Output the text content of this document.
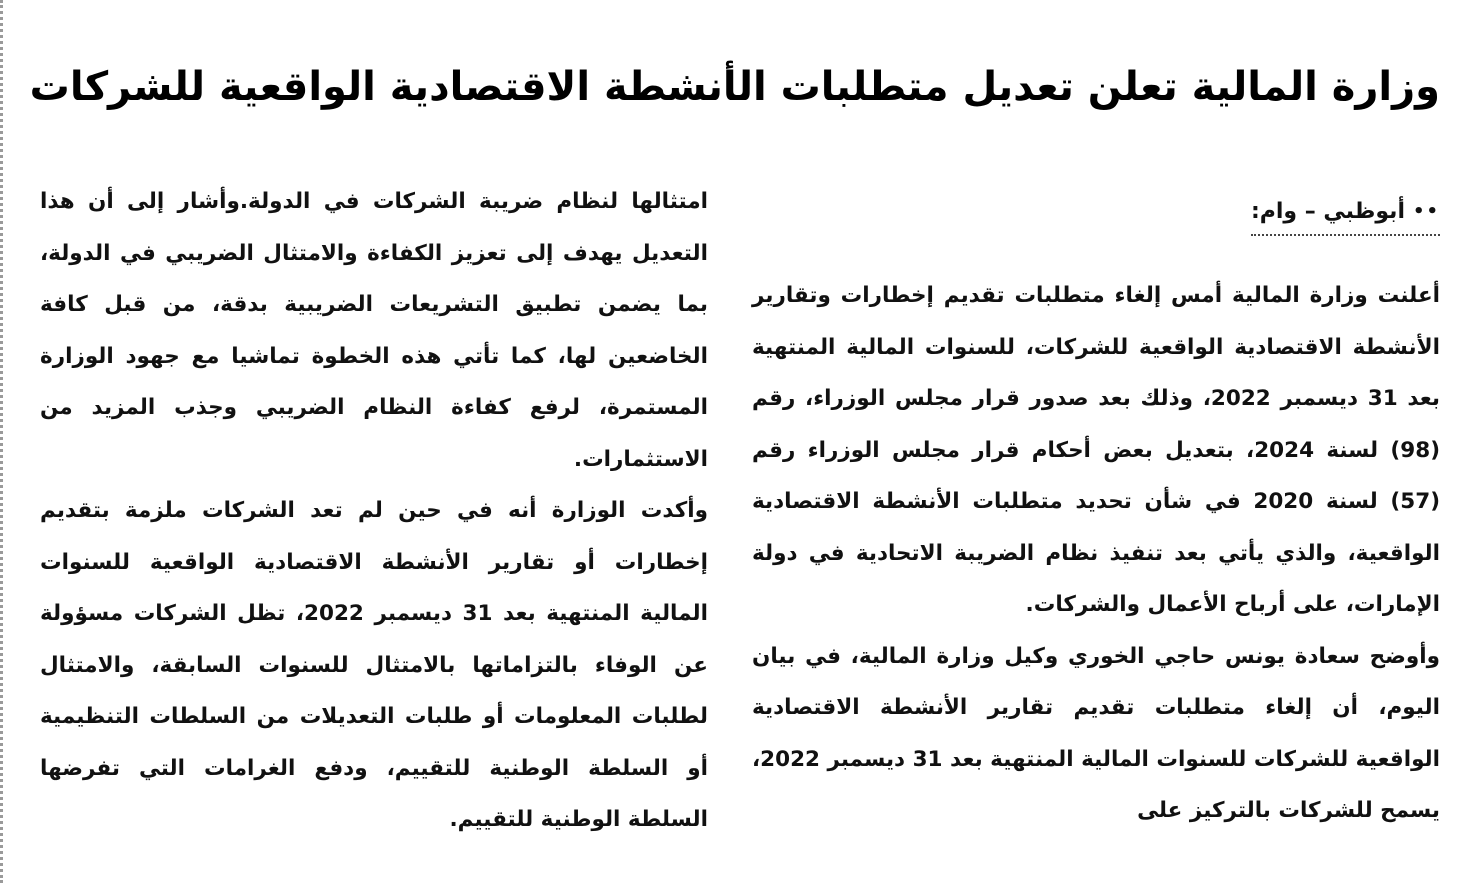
وزارة المالية تعلن تعديل متطلبات الأنشطة الاقتصادية الواقعية للشركات
••
أبوظبي – وام:

أعلنت وزارة المالية أمس إلغاء متطلبات تقديم إخطارات وتقارير الأنشطة الاقتصادية الواقعية للشركات، للسنوات المالية المنتهية بعد 31 ديسمبر 2022، وذلك بعد صدور قرار مجلس الوزراء، رقم (98) لسنة 2024، بتعديل بعض أحكام قرار مجلس الوزراء رقم (57) لسنة 2020 في شأن تحديد متطلبات الأنشطة الاقتصادية الواقعية، والذي يأتي بعد تنفيذ نظام الضريبة الاتحادية في دولة الإمارات، على أرباح الأعمال والشركات.

وأوضح سعادة يونس حاجي الخوري وكيل وزارة المالية، في بيان اليوم، أن إلغاء متطلبات تقديم تقارير الأنشطة الاقتصادية الواقعية للشركات للسنوات المالية المنتهية بعد 31 ديسمبر 2022، يسمح للشركات بالتركيز على

امتثالها لنظام ضريبة الشركات في الدولة.وأشار إلى أن هذا التعديل يهدف إلى تعزيز الكفاءة والامتثال الضريبي في الدولة، بما يضمن تطبيق التشريعات الضريبية بدقة، من قبل كافة الخاضعين لها، كما تأتي هذه الخطوة تماشيا مع جهود الوزارة المستمرة، لرفع كفاءة النظام الضريبي وجذب المزيد من الاستثمارات.

وأكدت الوزارة أنه في حين لم تعد الشركات ملزمة بتقديم إخطارات أو تقارير الأنشطة الاقتصادية الواقعية للسنوات المالية المنتهية بعد 31 ديسمبر 2022، تظل الشركات مسؤولة عن الوفاء بالتزاماتها بالامتثال للسنوات السابقة، والامتثال لطلبات المعلومات أو طلبات التعديلات من السلطات التنظيمية أو السلطة الوطنية للتقييم، ودفع الغرامات التي تفرضها السلطة الوطنية للتقييم.
